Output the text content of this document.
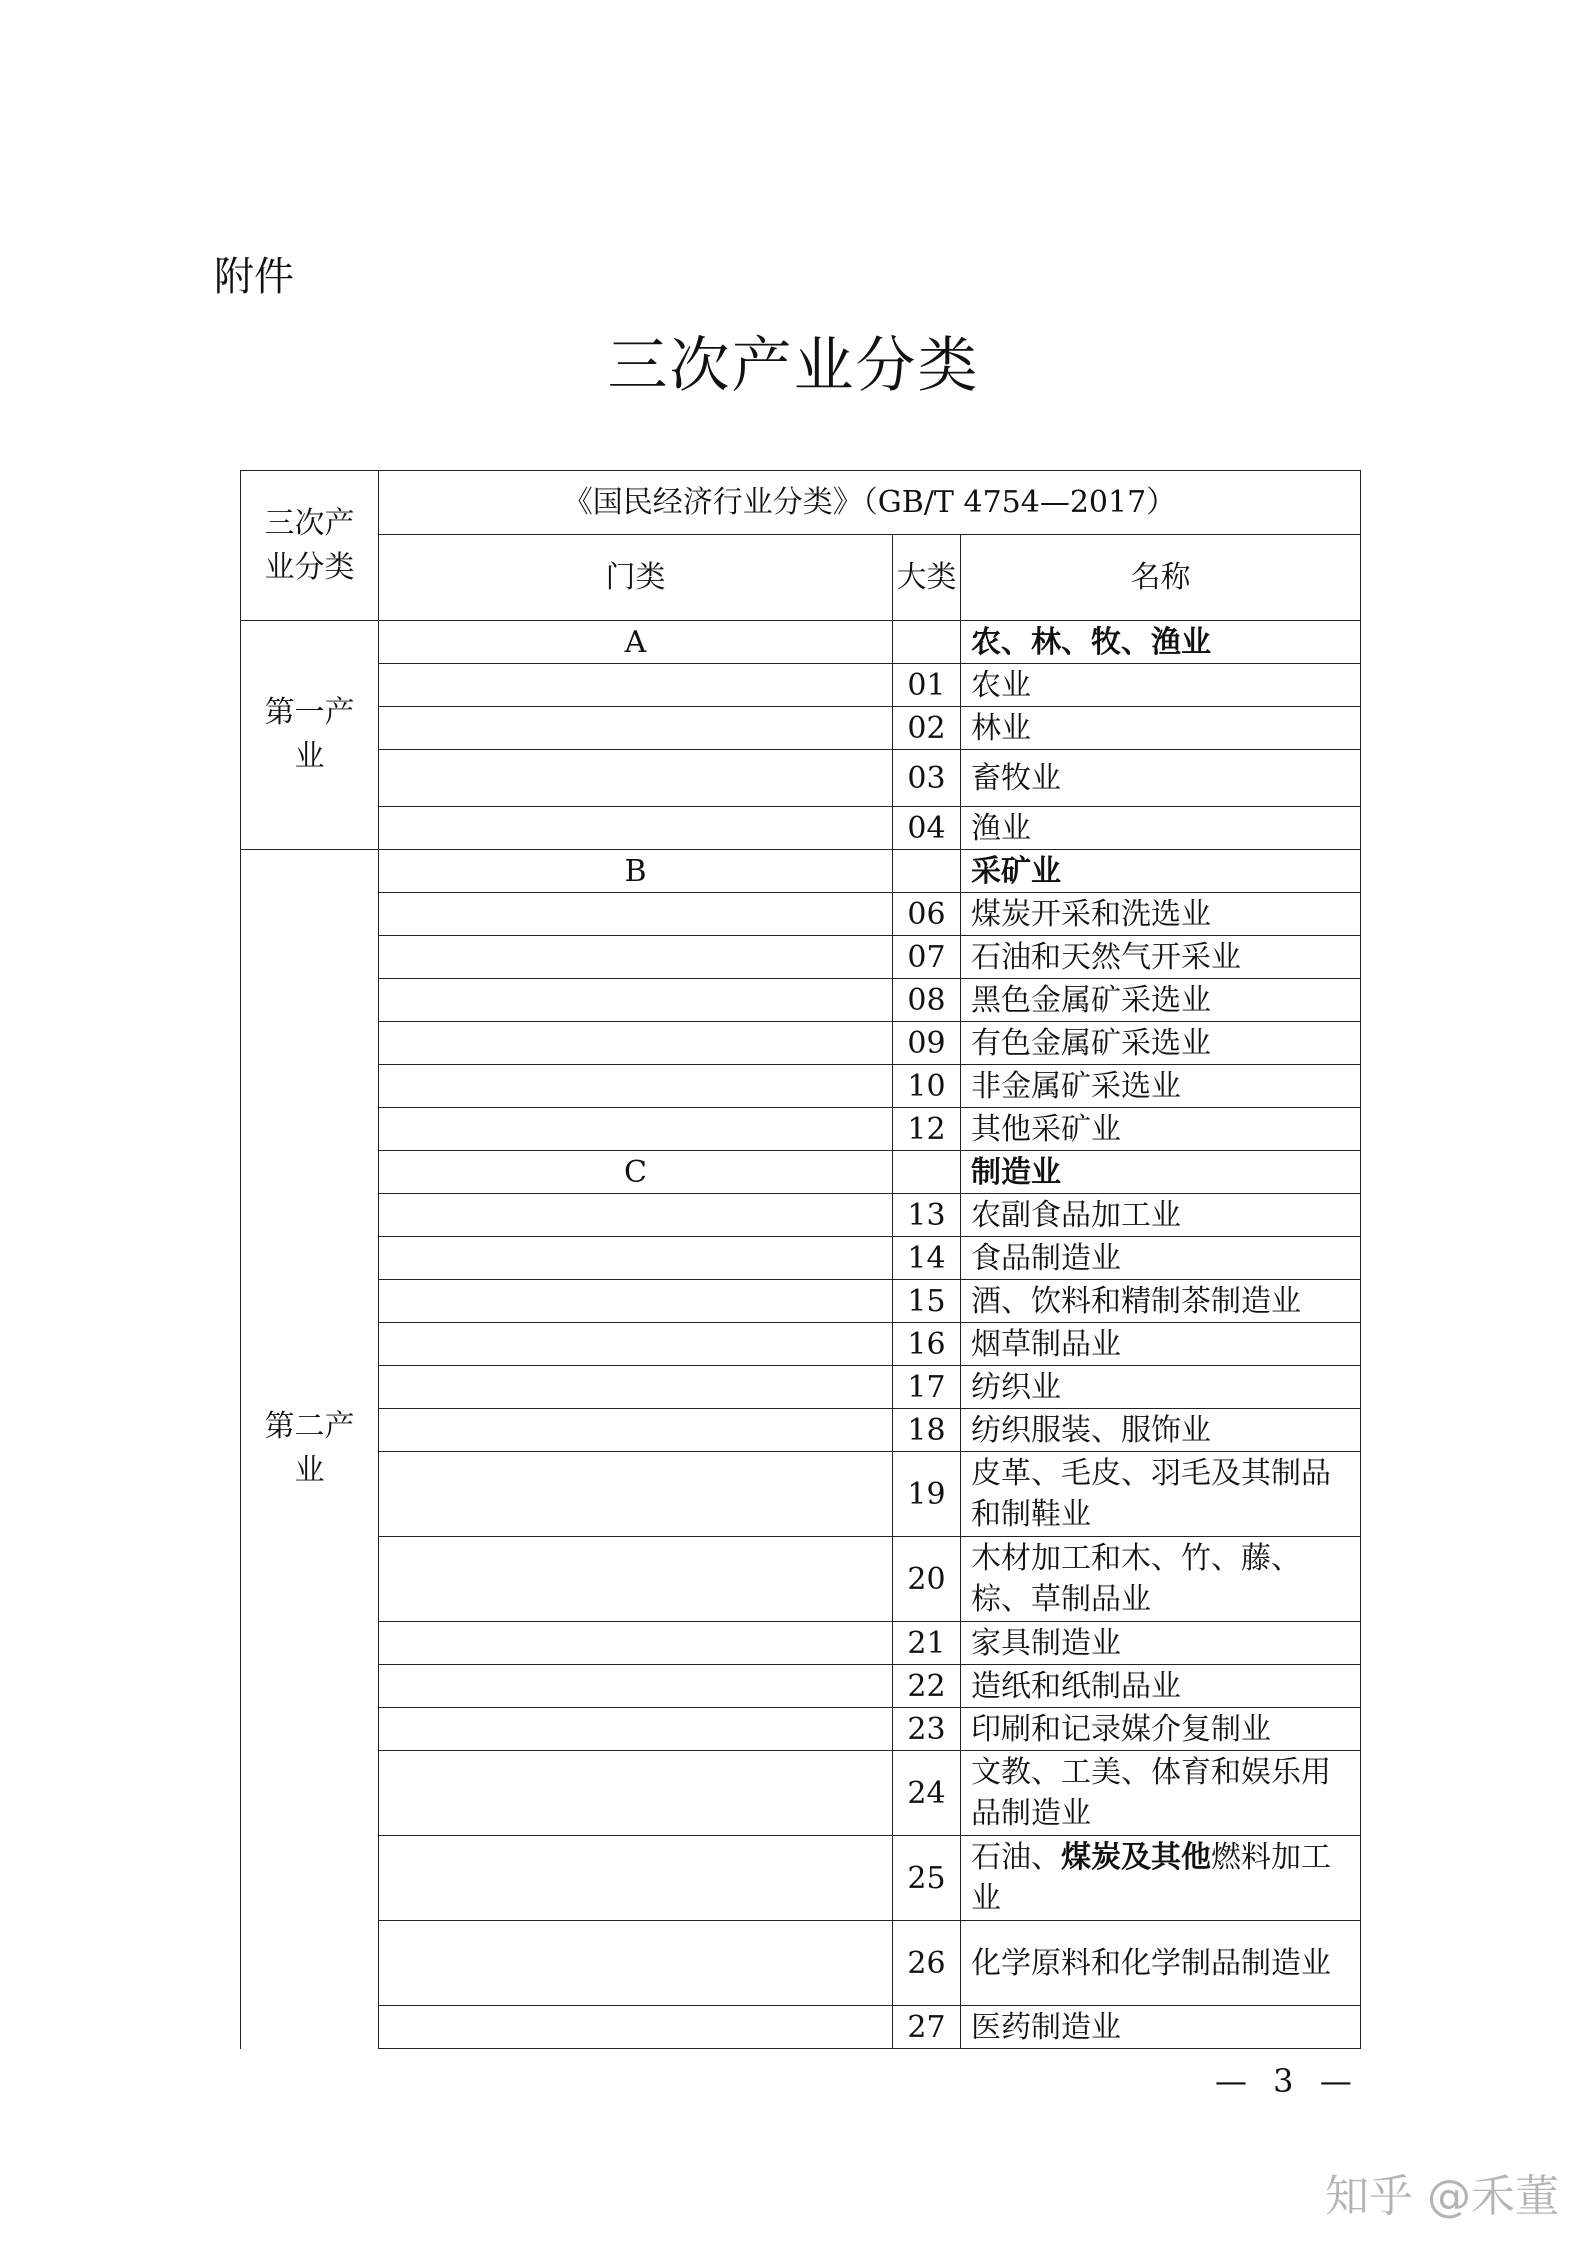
附件
三次产业分类
三次产业分类	《国民经济行业分类》（GB/T 4754—2017）		
	门类	大类	名称
第一产业	A		农、林、牧、渔业
		01	农业
		02	林业
		03	畜牧业
		04	渔业
第二产业	B		采矿业
		06	煤炭开采和洗选业
		07	石油和天然气开采业
		08	黑色金属矿采选业
		09	有色金属矿采选业
		10	非金属矿采选业
		12	其他采矿业
	C		制造业
		13	农副食品加工业
		14	食品制造业
		15	酒、饮料和精制茶制造业
		16	烟草制品业
		17	纺织业
		18	纺织服装、服饰业
		19	皮革、毛皮、羽毛及其制品和制鞋业
		20	木材加工和木、竹、藤、棕、草制品业
		21	家具制造业
		22	造纸和纸制品业
		23	印刷和记录媒介复制业
		24	文教、工美、体育和娱乐用品制造业
		25	石油、煤炭及其他燃料加工业
		26	化学原料和化学制品制造业
		27	医药制造业
— 3 —
知乎 @禾董
